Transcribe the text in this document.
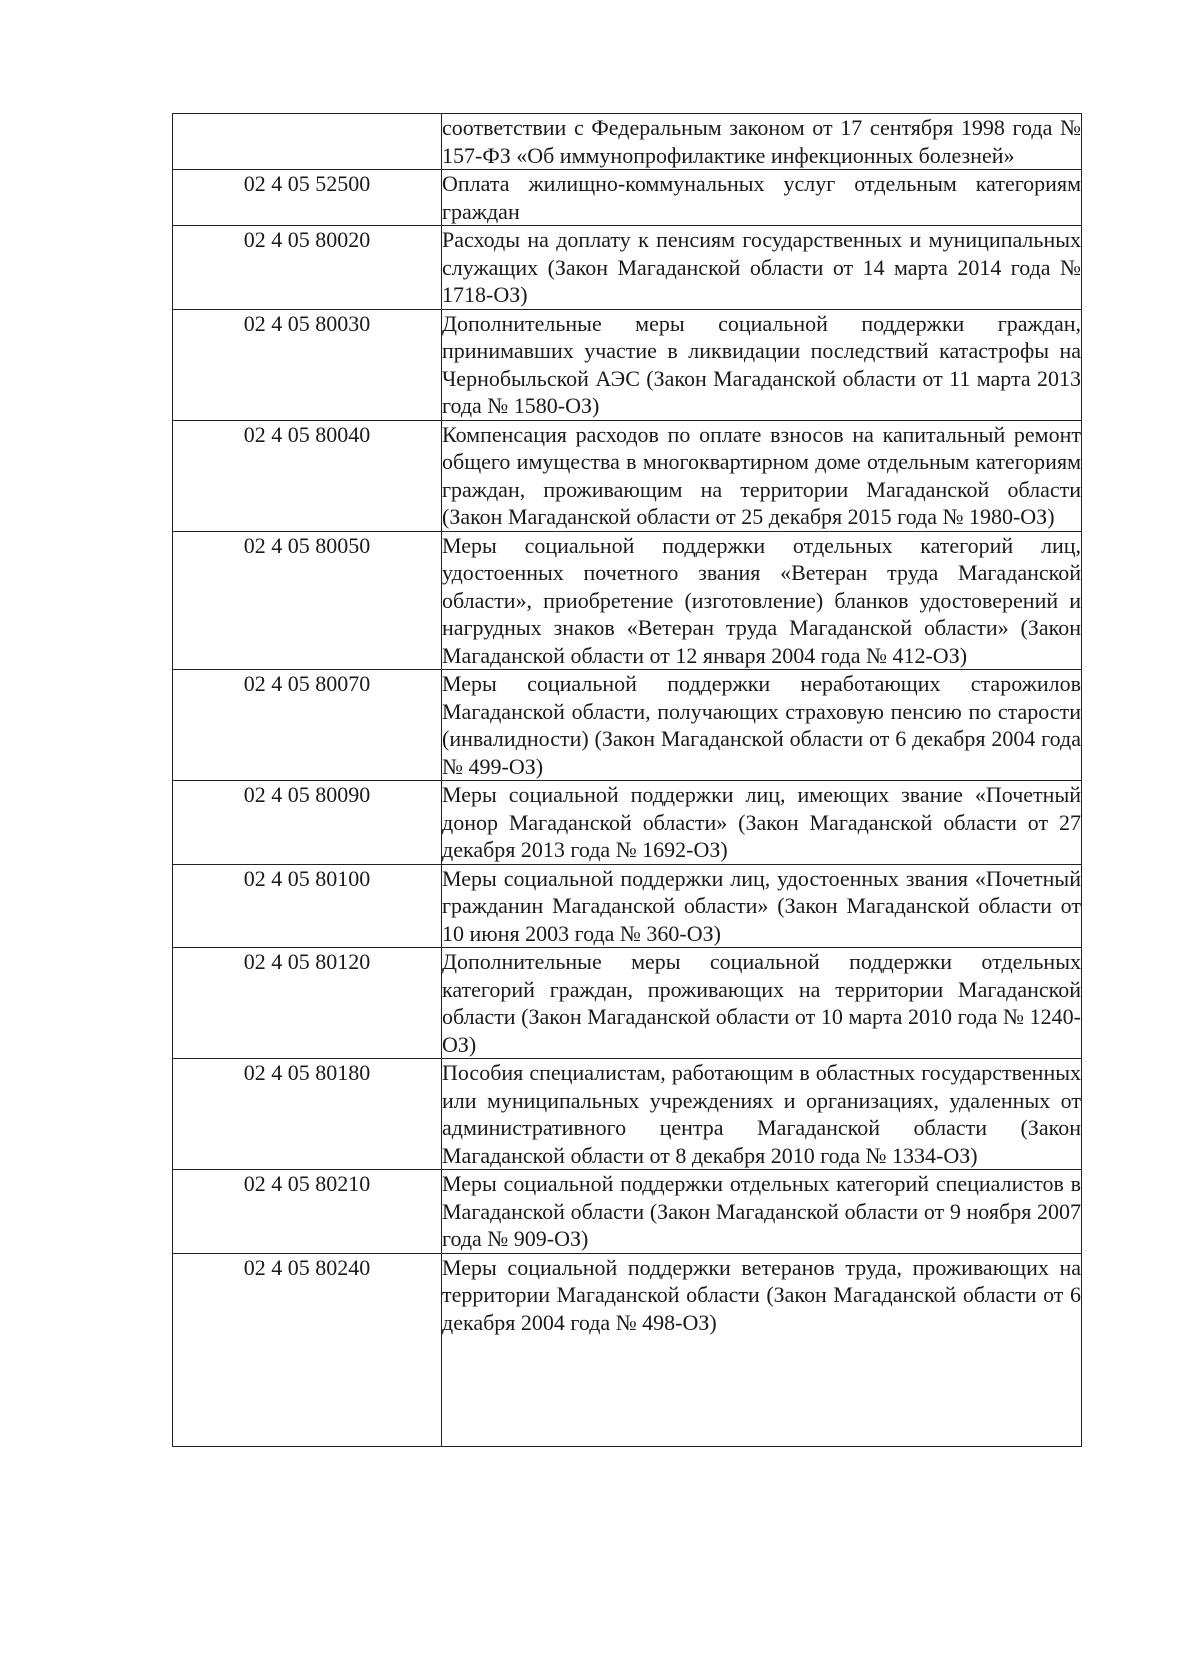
	соответствии с Федеральным законом от 17 сентября 1998 года № 157-ФЗ «Об иммунопрофилактике инфекционных болезней»
02 4 05 52500	Оплата жилищно-коммунальных услуг отдельным категориям граждан
02 4 05 80020	Расходы на доплату к пенсиям государственных и муниципальных служащих (Закон Магаданской области от 14 марта 2014 года № 1718-ОЗ)
02 4 05 80030	Дополнительные меры социальной поддержки граждан, принимавших участие в ликвидации последствий катастрофы на Чернобыльской АЭС (Закон Магаданской области от 11 марта 2013 года № 1580-ОЗ)
02 4 05 80040	Компенсация расходов по оплате взносов на капитальный ремонт общего имущества в многоквартирном доме отдельным категориям граждан, проживающим на территории Магаданской области (Закон Магаданской области от 25 декабря 2015 года № 1980-ОЗ)
02 4 05 80050	Меры социальной поддержки отдельных категорий лиц, удостоенных почетного звания «Ветеран труда Магаданской области», приобретение (изготовление) бланков удостоверений и нагрудных знаков «Ветеран труда Магаданской области» (Закон Магаданской области от 12 января 2004 года № 412-ОЗ)
02 4 05 80070	Меры социальной поддержки неработающих старожилов Магаданской области, получающих страховую пенсию по старости (инвалидности) (Закон Магаданской области от 6 декабря 2004 года № 499-ОЗ)
02 4 05 80090	Меры социальной поддержки лиц, имеющих звание «Почетный донор Магаданской области» (Закон Магаданской области от 27 декабря 2013 года № 1692-ОЗ)
02 4 05 80100	Меры социальной поддержки лиц, удостоенных звания «Почетный гражданин Магаданской области» (Закон Магаданской области от 10 июня 2003 года № 360-ОЗ)
02 4 05 80120	Дополнительные меры социальной поддержки отдельных категорий граждан, проживающих на территории Магаданской области (Закон Магаданской области от 10 марта 2010 года № 1240-ОЗ)
02 4 05 80180	Пособия специалистам, работающим в областных государственных или муниципальных учреждениях и организациях, удаленных от административного центра Магаданской области (Закон Магаданской области от 8 декабря 2010 года № 1334-ОЗ)
02 4 05 80210	Меры социальной поддержки отдельных категорий специалистов в Магаданской области (Закон Магаданской области от 9 ноября 2007 года № 909-ОЗ)
02 4 05 80240	Меры социальной поддержки ветеранов труда, проживающих на территории Магаданской области (Закон Магаданской области от 6 декабря 2004 года № 498-ОЗ)
